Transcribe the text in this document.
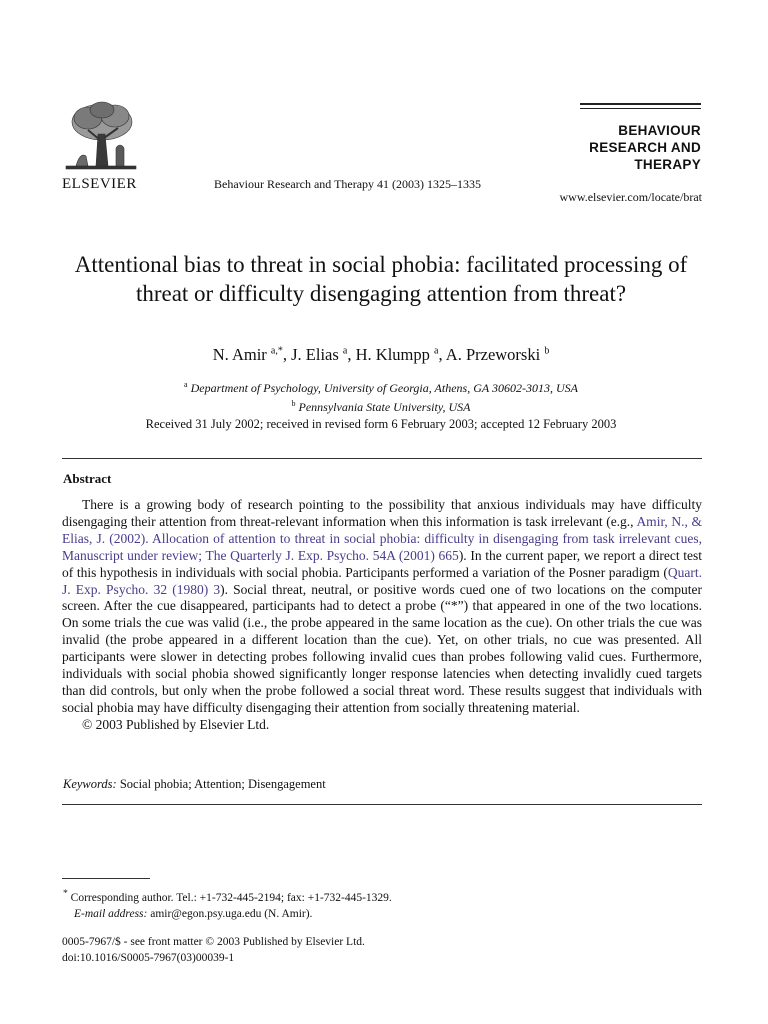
ELSEVIER	Behaviour Research and Therapy 41 (2003) 1325–1335
BEHAVIOUR
RESEARCH AND
THERAPY
www.elsevier.com/locate/brat
Attentional bias to threat in social phobia: facilitated processing of threat or difficulty disengaging attention from threat?
N. Amir $^{a,*}$, J. Elias $^a$, H. Klumpp $^a$, A. Przeworski $^b$
$^a$ Department of Psychology, University of Georgia, Athens, GA 30602-3013, USA
$^b$ Pennsylvania State University, USA
Received 31 July 2002; received in revised form 6 February 2003; accepted 12 February 2003
Abstract

There is a growing body of research pointing to the possibility that anxious individuals may have difficulty disengaging their attention from threat-relevant information when this information is task irrelevant (e.g., Amir, N., & Elias, J. (2002). Allocation of attention to threat in social phobia: difficulty in disengaging from task irrelevant cues, Manuscript under review; The Quarterly J. Exp. Psycho. 54A (2001) 665). In the current paper, we report a direct test of this hypothesis in individuals with social phobia. Participants performed a variation of the Posner paradigm (Quart. J. Exp. Psycho. 32 (1980) 3). Social threat, neutral, or positive words cued one of two locations on the computer screen. After the cue disappeared, participants had to detect a probe (“*”) that appeared in one of the two locations. On some trials the cue was valid (i.e., the probe appeared in the same location as the cue). On other trials the cue was invalid (the probe appeared in a different location than the cue). Yet, on other trials, no cue was presented. All participants were slower in detecting probes following invalid cues than probes following valid cues. Furthermore, individuals with social phobia showed significantly longer response latencies when detecting invalidly cued targets than did controls, but only when the probe followed a social threat word. These results suggest that individuals with social phobia may have difficulty disengaging their attention from socially threatening material.

© 2003 Published by Elsevier Ltd.

Keywords: Social phobia; Attention; Disengagement
* Corresponding author. Tel.: +1-732-445-2194; fax: +1-732-445-1329.
E-mail address: amir@egon.psy.uga.edu (N. Amir).
0005-7967/$ - see front matter © 2003 Published by Elsevier Ltd.
doi:10.1016/S0005-7967(03)00039-1
